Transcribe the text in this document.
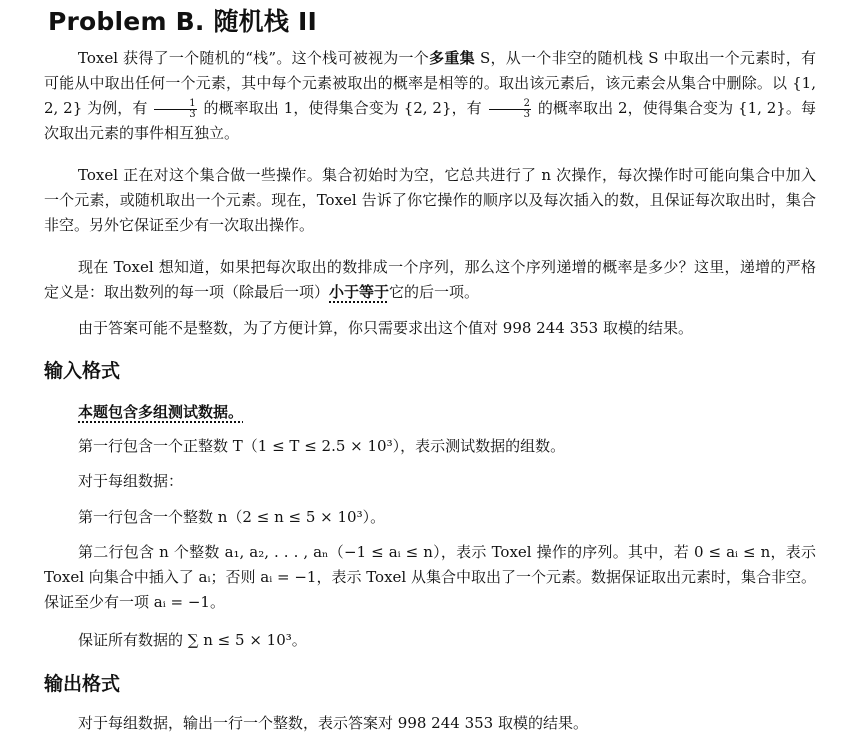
Problem B. 随机栈 II

Toxel 获得了一个随机的“栈”。这个栈可被视为一个多重集 S，从一个非空的随机栈 S 中取出一个元素时，有可能从中取出任何一个元素，其中每个元素被取出的概率是相等的。取出该元素后，该元素会从集合中删除。以 {1, 2, 2} 为例，有 $\frac{1}{3}$ 的概率取出 1，使得集合变为 {2, 2}，有 $\frac{2}{3}$ 的概率取出 2，使得集合变为 {1, 2}。每次取出元素的事件相互独立。

Toxel 正在对这个集合做一些操作。集合初始时为空，它总共进行了 n 次操作，每次操作时可能向集合中加入一个元素，或随机取出一个元素。现在，Toxel 告诉了你它操作的顺序以及每次插入的数，且保证每次取出时，集合非空。另外它保证至少有一次取出操作。

现在 Toxel 想知道，如果把每次取出的数排成一个序列，那么这个序列递增的概率是多少？这里，递增的严格定义是：取出数列的每一项（除最后一项）小于等于它的后一项。

由于答案可能不是整数，为了方便计算，你只需要求出这个值对 998 244 353 取模的结果。

输入格式

本题包含多组测试数据。

第一行包含一个正整数 T（1 ≤ T ≤ 2.5 × 10³），表示测试数据的组数。

对于每组数据：

第一行包含一个整数 n（2 ≤ n ≤ 5 × 10³）。

第二行包含 n 个整数 a₁, a₂, . . . , aₙ（−1 ≤ aᵢ ≤ n），表示 Toxel 操作的序列。其中，若 0 ≤ aᵢ ≤ n，表示 Toxel 向集合中插入了 aᵢ；否则 aᵢ = −1，表示 Toxel 从集合中取出了一个元素。数据保证取出元素时，集合非空。保证至少有一项 aᵢ = −1。

保证所有数据的 ∑ n ≤ 5 × 10³。

输出格式

对于每组数据，输出一行一个整数，表示答案对 998 244 353 取模的结果。
